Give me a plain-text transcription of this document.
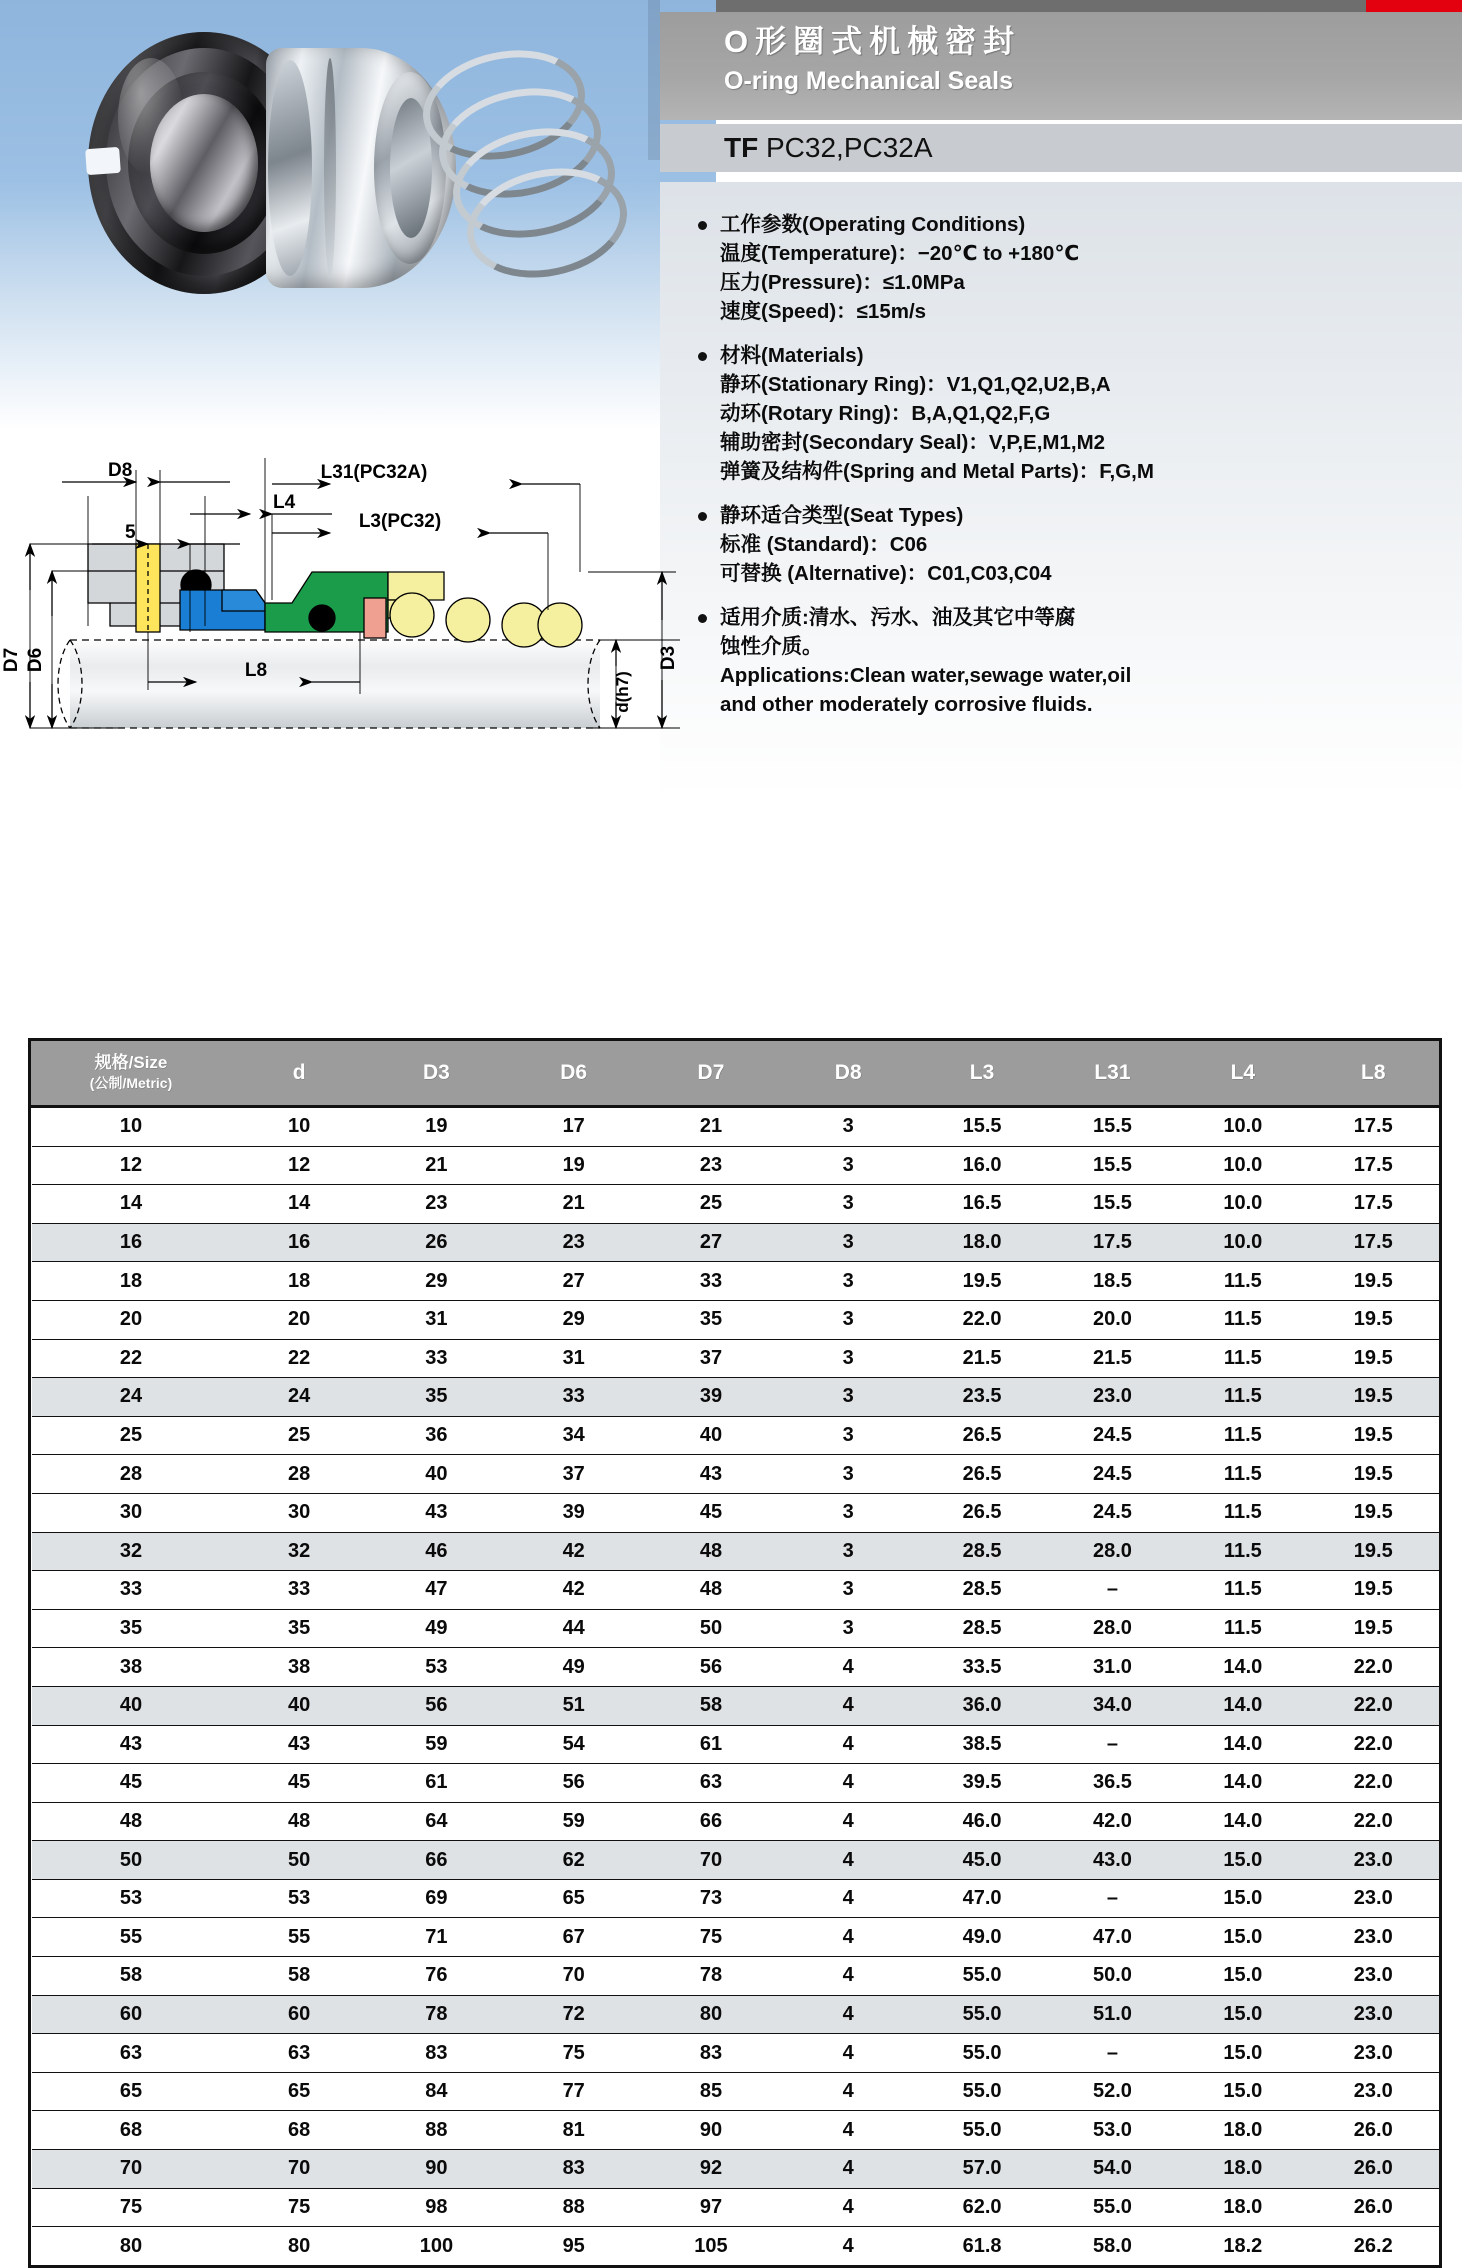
O形圈式机械密封
O-ring Mechanical Seals
TF PC32,PC32A
工作参数(Operating Conditions)
温度(Temperature)：−20℃ to +180℃
压力(Pressure)：≤1.0MPa
速度(Speed)：≤15m/s
材料(Materials)
静环(Stationary Ring)：V1,Q1,Q2,U2,B,A
动环(Rotary Ring)：B,A,Q1,Q2,F,G
辅助密封(Secondary Seal)：V,P,E,M1,M2
弹簧及结构件(Spring and Metal Parts)：F,G,M
静环适合类型(Seat Types)
标准 (Standard)：C06
可替换 (Alternative)：C01,C03,C04
适用介质:清水、污水、油及其它中等腐
蚀性介质。
Applications:Clean water,sewage water,oil
and other moderately corrosive fluids.
D8
5
L4
L31(PC32A)
L3(PC32)
L8
D7 D6	D3
d(h7)
规格/Size
(公制/Metric)	d	D3	D6	D7	D8	L3	L31	L4	L8
10	10	19	17	21	3	15.5	15.5	10.0	17.5
12	12	21	19	23	3	16.0	15.5	10.0	17.5
14	14	23	21	25	3	16.5	15.5	10.0	17.5
16	16	26	23	27	3	18.0	17.5	10.0	17.5
18	18	29	27	33	3	19.5	18.5	11.5	19.5
20	20	31	29	35	3	22.0	20.0	11.5	19.5
22	22	33	31	37	3	21.5	21.5	11.5	19.5
24	24	35	33	39	3	23.5	23.0	11.5	19.5
25	25	36	34	40	3	26.5	24.5	11.5	19.5
28	28	40	37	43	3	26.5	24.5	11.5	19.5
30	30	43	39	45	3	26.5	24.5	11.5	19.5
32	32	46	42	48	3	28.5	28.0	11.5	19.5
33	33	47	42	48	3	28.5	–	11.5	19.5
35	35	49	44	50	3	28.5	28.0	11.5	19.5
38	38	53	49	56	4	33.5	31.0	14.0	22.0
40	40	56	51	58	4	36.0	34.0	14.0	22.0
43	43	59	54	61	4	38.5	–	14.0	22.0
45	45	61	56	63	4	39.5	36.5	14.0	22.0
48	48	64	59	66	4	46.0	42.0	14.0	22.0
50	50	66	62	70	4	45.0	43.0	15.0	23.0
53	53	69	65	73	4	47.0	–	15.0	23.0
55	55	71	67	75	4	49.0	47.0	15.0	23.0
58	58	76	70	78	4	55.0	50.0	15.0	23.0
60	60	78	72	80	4	55.0	51.0	15.0	23.0
63	63	83	75	83	4	55.0	–	15.0	23.0
65	65	84	77	85	4	55.0	52.0	15.0	23.0
68	68	88	81	90	4	55.0	53.0	18.0	26.0
70	70	90	83	92	4	57.0	54.0	18.0	26.0
75	75	98	88	97	4	62.0	55.0	18.0	26.0
80	80	100	95	105	4	61.8	58.0	18.2	26.2
